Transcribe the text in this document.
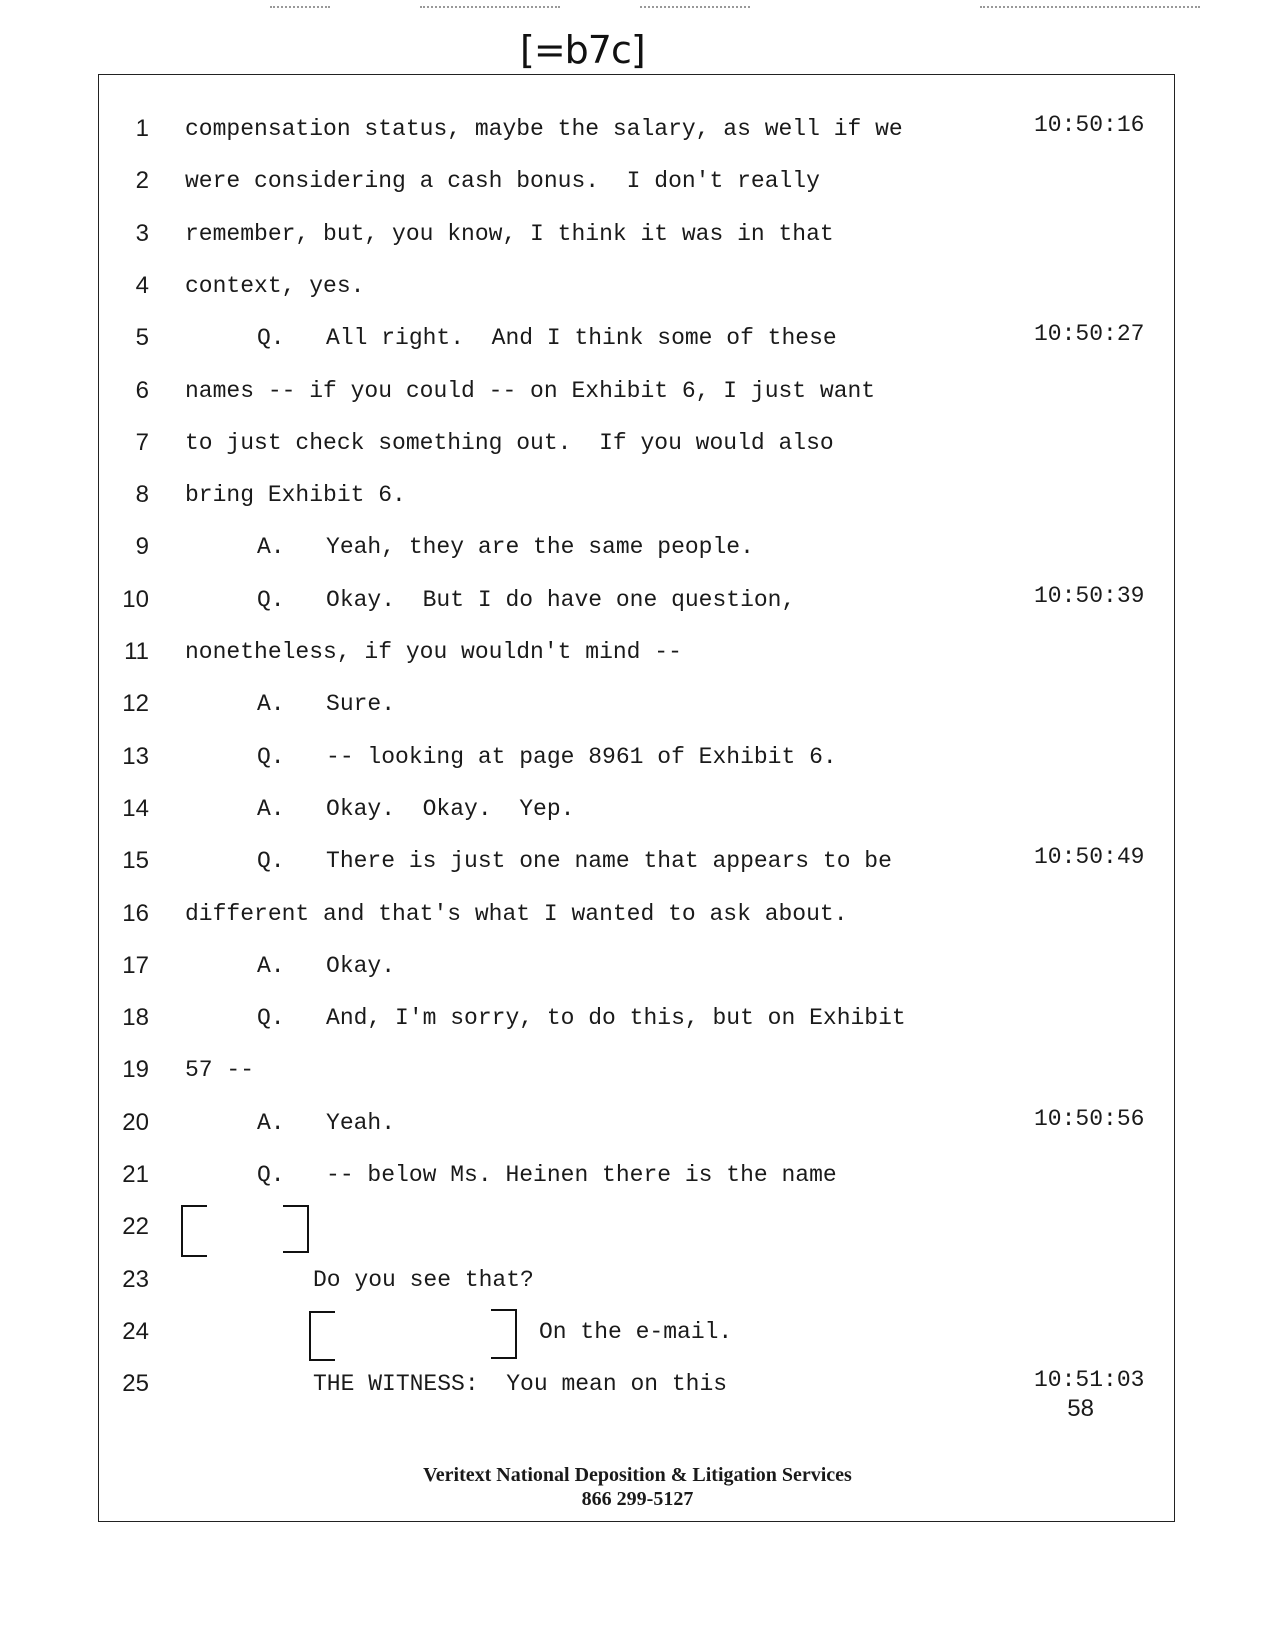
[=b7c]
1 compensation status, maybe the salary, as well if we	10:50:16
2 were considering a cash bonus.  I don't really
3 remember, but, you know, I think it was in that
4 context, yes.
5	Q.   All right.  And I think some of these	10:50:27
6 names -- if you could -- on Exhibit 6, I just want
7 to just check something out.  If you would also
8 bring Exhibit 6.
9	A.   Yeah, they are the same people.
10	Q.   Okay.  But I do have one question,	10:50:39
11 nonetheless, if you wouldn't mind --
12	A.   Sure.
13	Q.   -- looking at page 8961 of Exhibit 6.
14	A.   Okay.  Okay.  Yep.
15	Q.   There is just one name that appears to be	10:50:49
16 different and that's what I wanted to ask about.
17	A.   Okay.
18	Q.   And, I'm sorry, to do this, but on Exhibit
19 57 --
20	A.   Yeah.	10:50:56
21	Q.   -- below Ms. Heinen there is the name
22
23	Do you see that?
24	On the e-mail.
25	THE WITNESS:  You mean on this	10:51:03
58
Veritext National Deposition & Litigation Services
866 299-5127
